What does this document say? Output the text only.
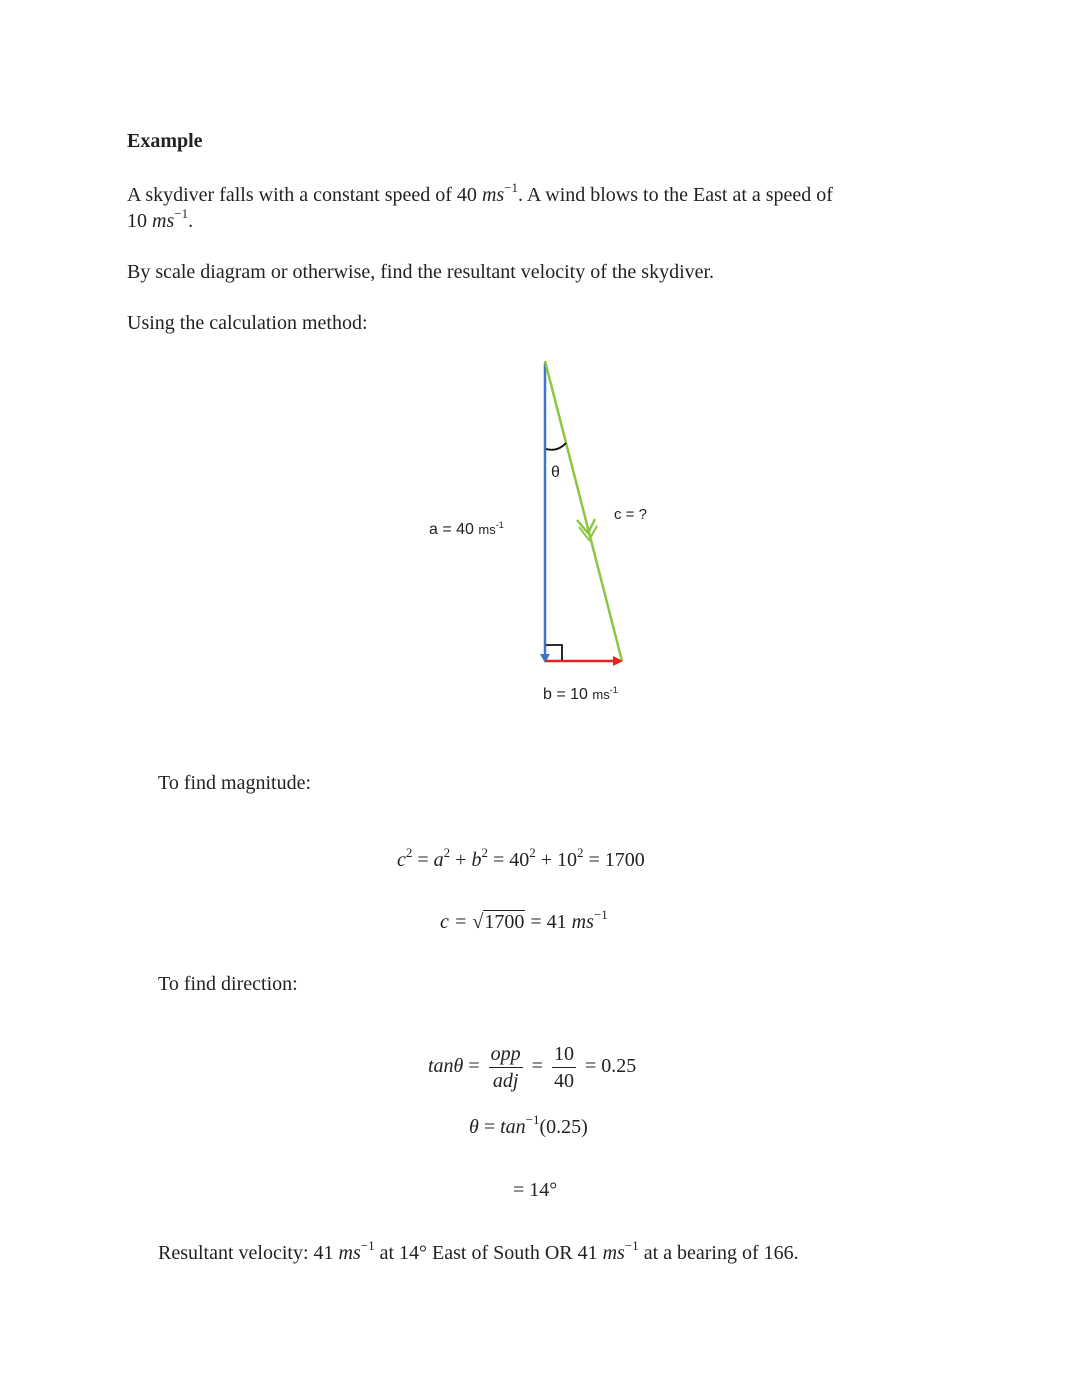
Example
A skydiver falls with a constant speed of 40 $ms^{-1}$. A wind blows to the East at a speed of
10 $ms^{-1}$.
By scale diagram or otherwise, find the resultant velocity of the skydiver.
Using the calculation method:
θ
c = ?
a = 40 $ms^{-1}$
b = 10 $ms^{-1}$
To find magnitude:
$c^2 = a^2 + b^2 = 40^2 + 10^2 = 1700$
c = √1700 = 41 $ms^{-1}$
To find direction:
$\tan\theta = \frac{\text{opp}}{\text{adj}} = \frac{10}{40} = 0.25$
$\theta = \tan^{-1}(0.25)$
= 14°
Resultant velocity: 41 $ms^{-1}$ at 14° East of South OR 41 $ms^{-1}$ at a bearing of 166.
